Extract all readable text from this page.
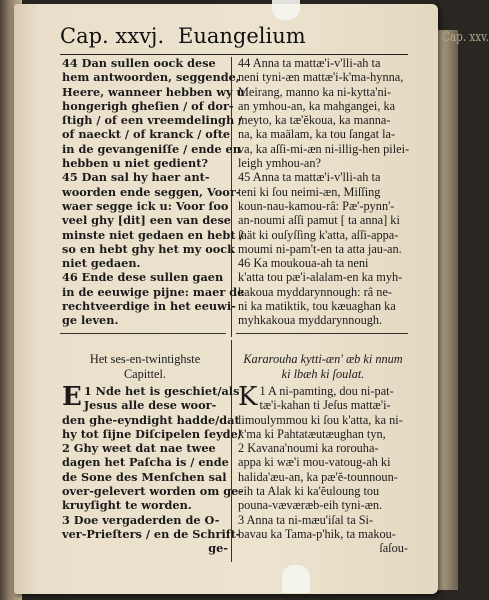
Cap. xxv.
Cap. xxvj. Euangelium
44 Dan sullen oock dese
hem antwoorden, seggende,
Heere, wanneer hebben wy u
hongerigh gheſien / of dor-
ſtigh / of een vreemdelingh /
of naeckt / of kranck / ofte
in de gevangeniſſe / ende en
hebben u niet gedient?
45 Dan sal hy haer ant-
woorden ende seggen, Voor-
waer segge ick u: Voor ſoo
veel ghy [dit] een van dese
minste niet gedaen en hebt /
so en hebt ghy het my oock
niet gedaen.
46 Ende dese sullen gaen
in de eeuwige pijne: maer de
rechtveerdige in het eeuwi-
ge leven.
44 Anna ta mattæ'i-v'lli-ah ta
neni tyni-æn mattæ'i-k'ma-hynna,
Meirang, manno ka ni-kytta'ni-
an ymhou-an, ka mahgangei, ka
meyto, ka tæ'ĕkoua, ka manna-
na, ka maälam, ka tou ſangat la-
va, ka aſſi-mi-æn ni-illig-hen pilei-
leigh ymhou-an?
45 Anna ta mattæ'i-v'lli-ah ta
teni ki ſou neimi-æn, Miſſing
koun-nau-kamou-râ: Pæ'-pynn'-
an-noumi aſſi pamut [ ta anna] ki
ſaät ki ouſyſſing k'atta, aſſi-appa-
moumi ni-pam't-en ta atta jau-an.
46 Ka moukoua-ah ta neni
k'atta tou pæ'i-alalam-en ka myh-
kakoua myddarynnough: râ ne-
ni ka matiktik, tou kæuaghan ka
myhkakoua myddarynnough.
Het ses-en-twintighste
Capittel.
Kararouha kytti-æn' æb ki nnum
ki lbæh ki ſoulat.
E 1 Nde het is geschiet/als
Jesus alle dese woor-
den ghe-eyndight hadde/dat
hy tot ſijne Diſcipelen ſeyde/
2 Ghy weet dat nae twee
dagen het Paſcha is / ende
de Sone des Menſchen sal
over-gelevert worden om ge-
kruyſight te worden.
3 Doe vergaderden de O-
ver-Prieſters / en de Schrift-
ge-
K 1 A ni-pamting, dou ni-pat-
tæ'i-kahan ti Jeſus mattæ'i-
limoulymmou ki ſou k'atta, ka ni-
k'ma ki Pahtatæutæughan tyn,
2 Kavana'noumi ka rorouha-
appa ki wæ'i mou-vatoug-ah ki
halida'æu-an, ka pæ'ĕ-tounnoun-
eih ta Alak ki ka'ĕuloung tou
pouna-væværæb-eih tyni-æn.
3 Anna ta ni-mæu'iſal ta Si-
bavau ka Tama-p'hik, ta makou-
ſaſou-
